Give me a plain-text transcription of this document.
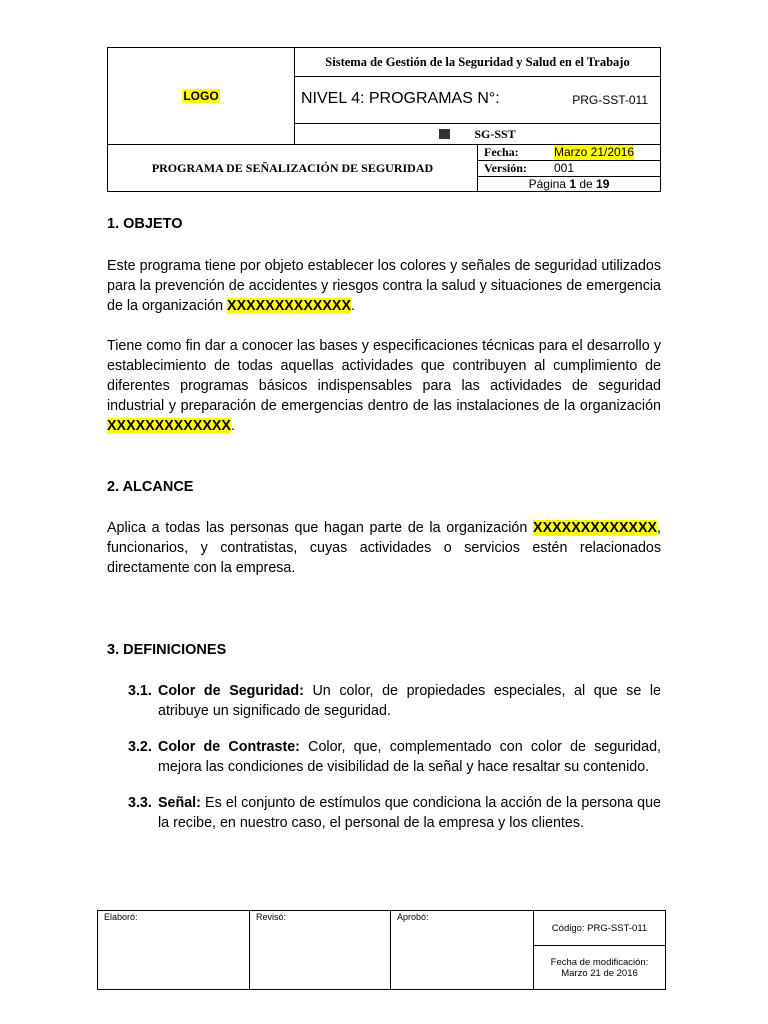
LOGO	Sistema de Gestión de la Seguridad y Salud en el Trabajo	

	NIVEL 4: PROGRAMAS N°: PRG-SST-011	

	SG-SST	
PROGRAMA DE SEÑALIZACIÓN DE SEGURIDAD		Fecha: Marzo 21/2016

		Versión: 001

		Página 1 de 19

1. OBJETO

Este programa tiene por objeto establecer los colores y señales de seguridad utilizados para la prevención de accidentes y riesgos contra la salud y situaciones de emergencia de la organización XXXXXXXXXXXXX.

Tiene como fin dar a conocer las bases y especificaciones técnicas para el desarrollo y establecimiento de todas aquellas actividades que contribuyen al cumplimiento de diferentes programas básicos indispensables para las actividades de seguridad industrial y preparación de emergencias dentro de las instalaciones de la organización XXXXXXXXXXXXX.

2. ALCANCE

Aplica a todas las personas que hagan parte de la organización XXXXXXXXXXXXX, funcionarios, y contratistas, cuyas actividades o servicios estén relacionados directamente con la empresa.

3. DEFINICIONES

3.1. Color de Seguridad: Un color, de propiedades especiales, al que se le atribuye un significado de seguridad.
3.2. Color de Contraste: Color, que, complementado con color de seguridad, mejora las condiciones de visibilidad de la señal y hace resaltar su contenido.
3.3. Señal: Es el conjunto de estímulos que condiciona la acción de la persona que la recibe, en nuestro caso, el personal de la empresa y los clientes.
Elaboró:	Revisó:	Aprobó:	Código: PRG-SST-011

Fecha de modificación:
Marzo 21 de 2016
